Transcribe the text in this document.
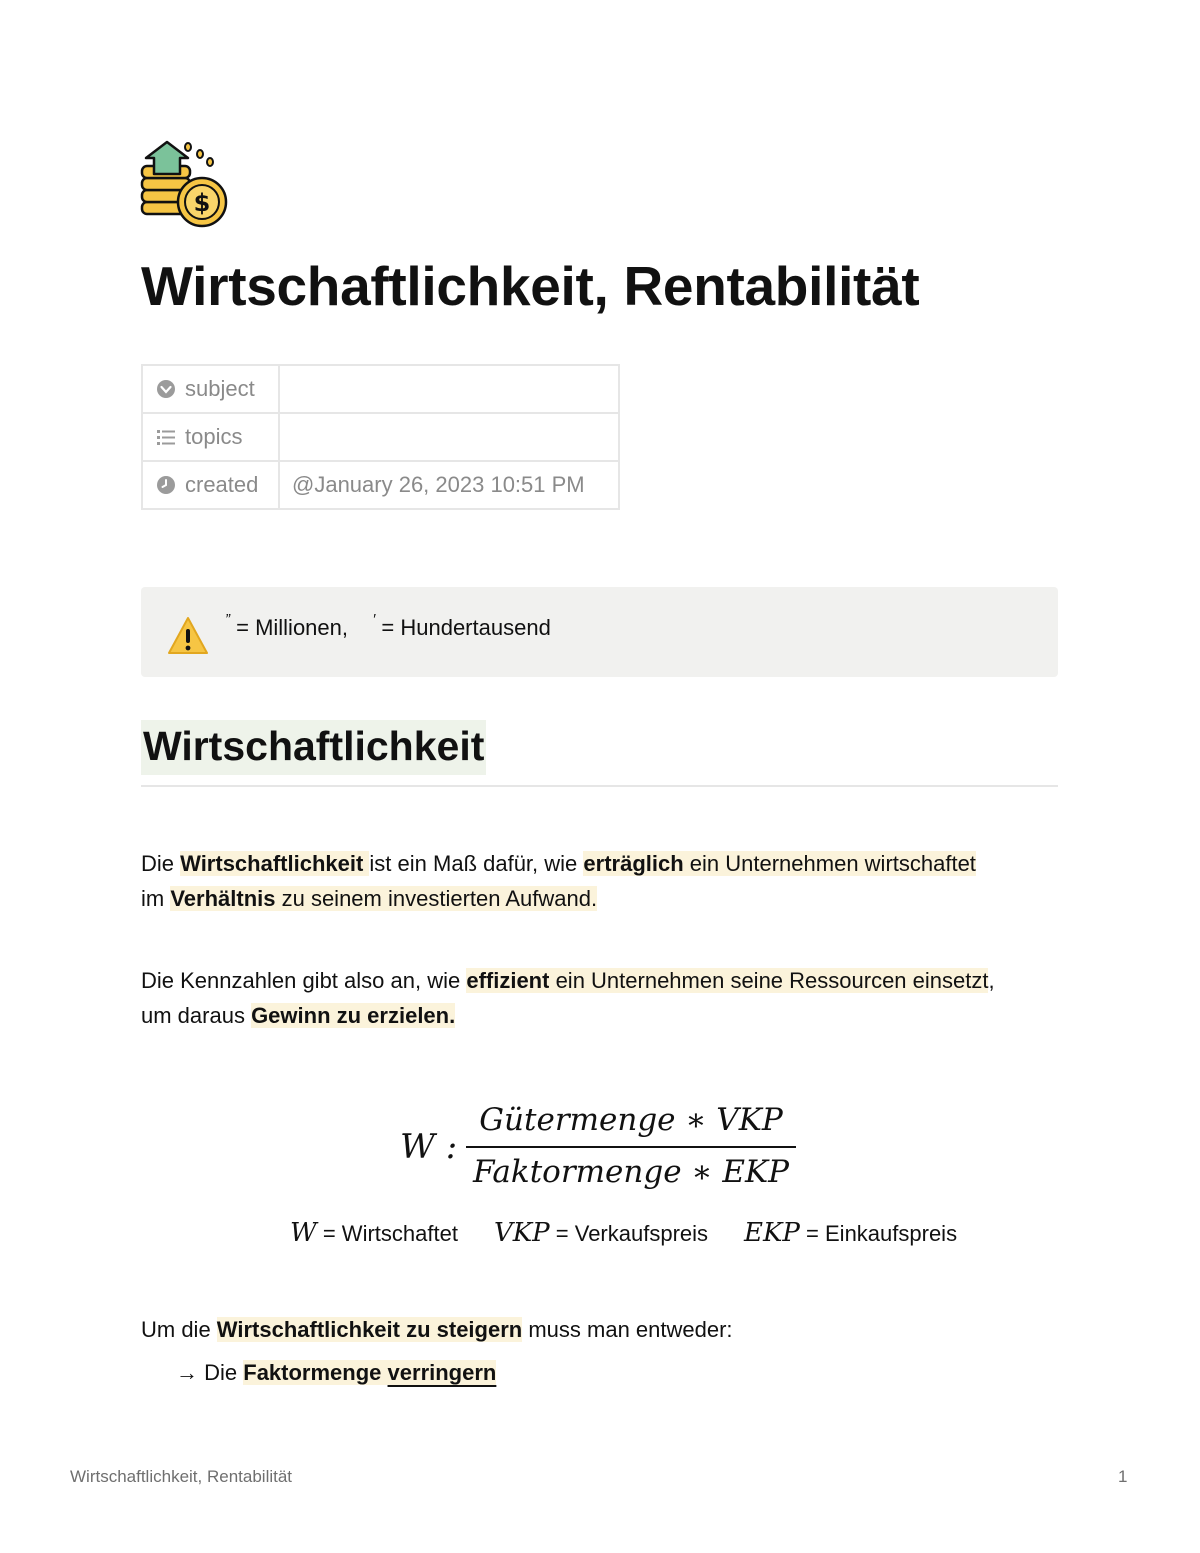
$
Wirtschaftlichkeit, Rentabilität
subject	
topics	
created	@January 26, 2023 10:51 PM
” = Millionen, ′ = Hundertausend
Wirtschaftlichkeit

Die Wirtschaftlichkeit ist ein Maß dafür, wie erträglich ein Unternehmen wirtschaftet
im Verhältnis zu seinem investierten Aufwand.

Die Kennzahlen gibt also an, wie effizient ein Unternehmen seine Ressourcen einsetzt,
um daraus Gewinn zu erzielen.

W :
Gütermenge ∗ VKP
Faktormenge ∗ EKP
W = Wirtschaftet VKP = Verkaufspreis EKP = Einkaufspreis

Um die Wirtschaftlichkeit zu steigern muss man entweder:

→ Die Faktormenge verringern
Wirtschaftlichkeit, Rentabilität	1
